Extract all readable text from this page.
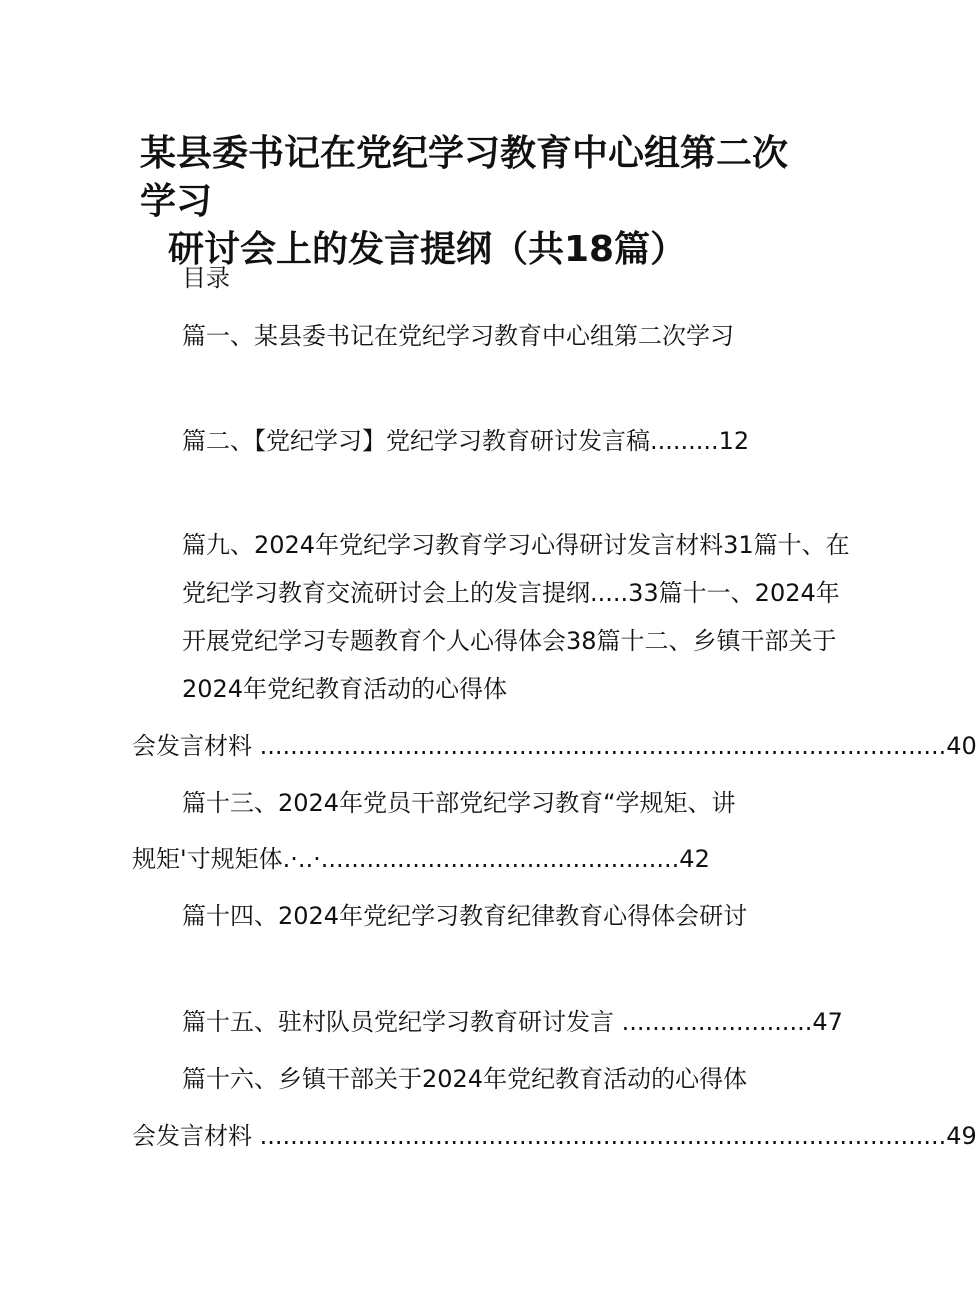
某县委书记在党纪学习教育中心组第二次学习
研讨会上的发言提纲（共18篇）
目录
篇一、某县委书记在党纪学习教育中心组第二次学习
篇二、【党纪学习】党纪学习教育研讨发言稿.........12
篇九、2024年党纪学习教育学习心得研讨发言材料31篇十、在
党纪学习教育交流研讨会上的发言提纲.....33篇十一、2024年
开展党纪学习专题教育个人心得体会38篇十二、乡镇干部关于
2024年党纪教育活动的心得体
会发言材料 ..........................................................................................40
篇十三、2024年党员干部党纪学习教育“学规矩、讲
规矩'寸规矩体.·..·...............................................42
篇十四、2024年党纪学习教育纪律教育心得体会研讨
篇十五、驻村队员党纪学习教育研讨发言 .........................47
篇十六、乡镇干部关于2024年党纪教育活动的心得体
会发言材料 ..........................................................................................49
